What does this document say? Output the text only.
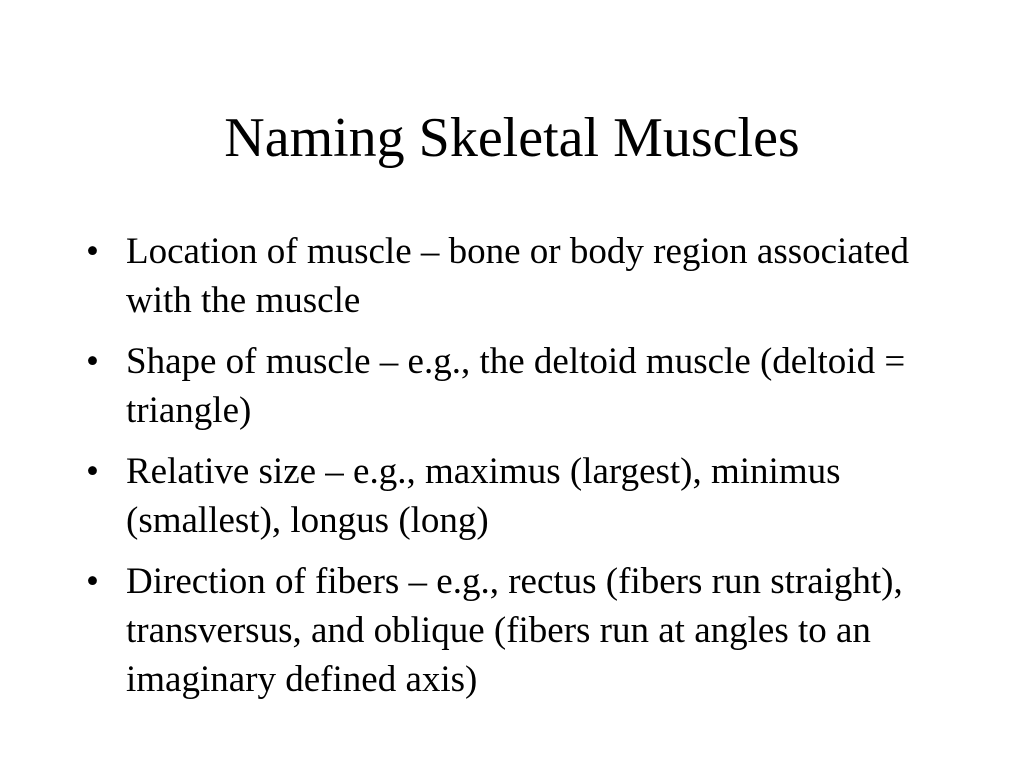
Naming Skeletal Muscles
• Location of muscle – bone or body region associated with the muscle
• Shape of muscle – e.g., the deltoid muscle (deltoid = triangle)
• Relative size – e.g., maximus (largest), minimus (smallest), longus (long)
• Direction of fibers – e.g., rectus (fibers run straight), transversus, and oblique (fibers run at angles to an imaginary defined axis)
